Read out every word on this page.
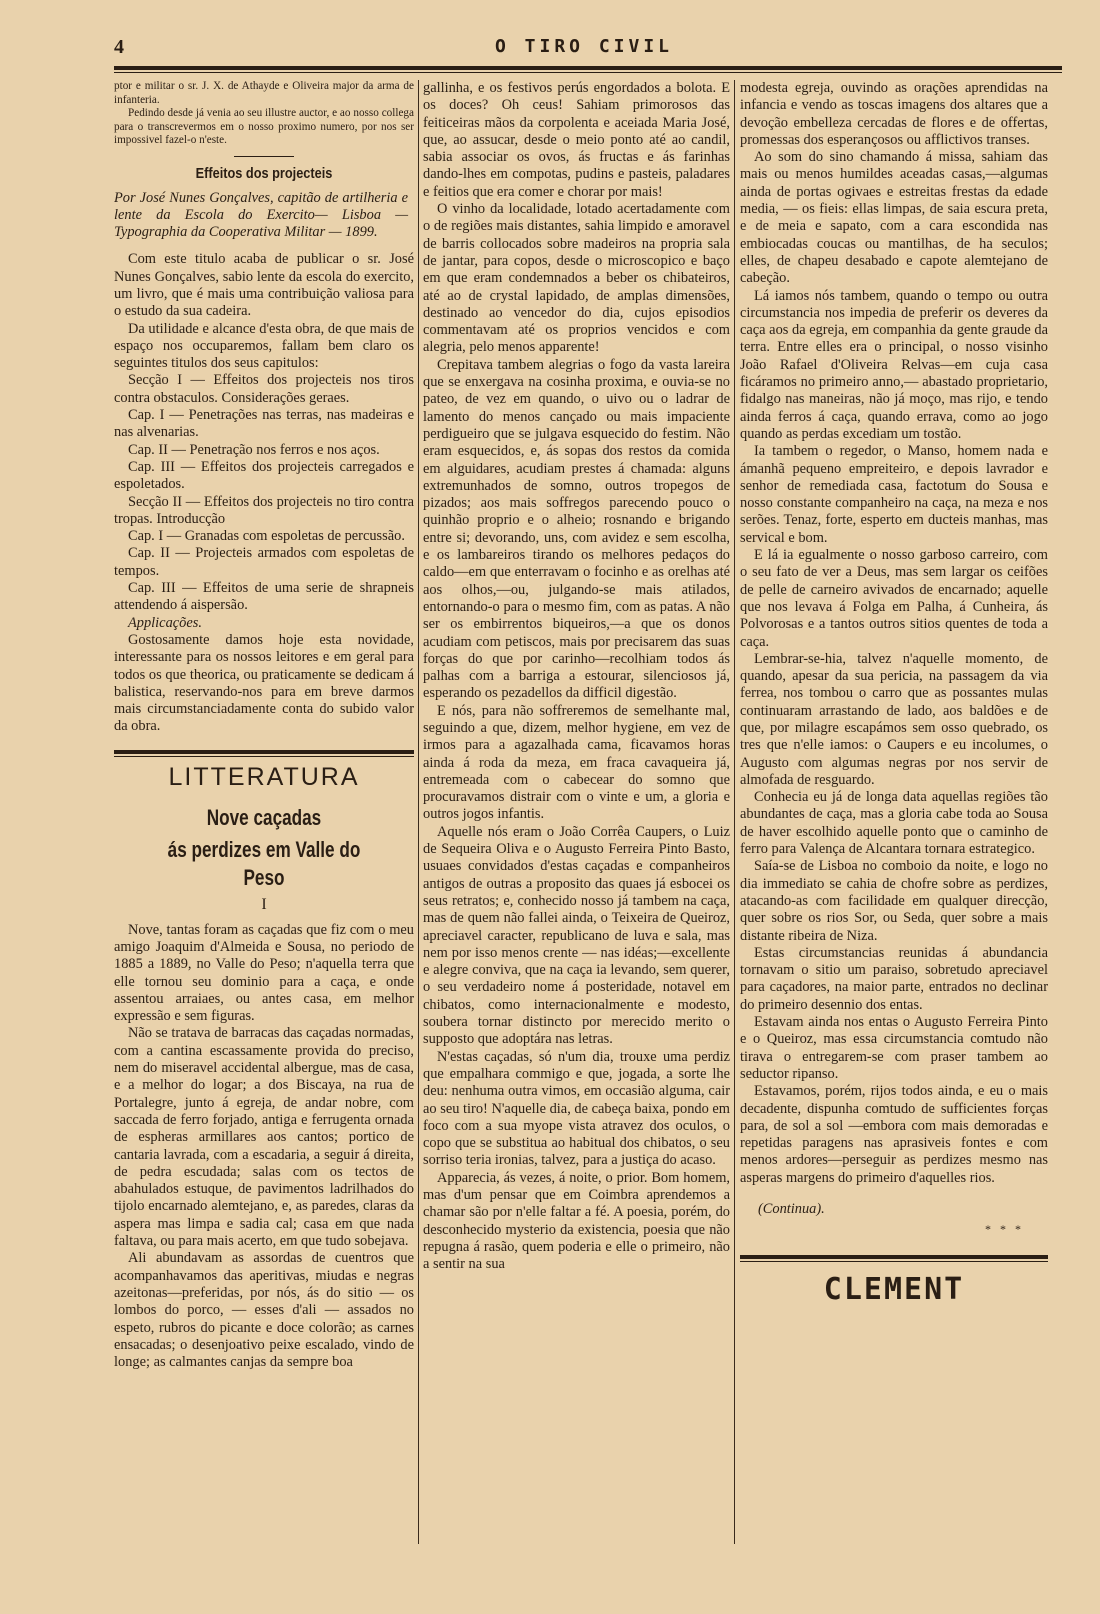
4	O TIRO CIVIL

ptor e militar o sr. J. X. de Athayde e Oliveira major da arma de infanteria.

Pedindo desde já venia ao seu illustre auctor, e ao nosso collega para o transcrevermos em o nosso proximo numero, por nos ser impossivel fazel-o n'este.

Effeitos dos projecteis
Por José Nunes Gonçalves, capitão de artilheria e lente da Escola do Exercito— Lisboa — Typographia da Cooperativa Militar — 1899.

Com este titulo acaba de publicar o sr. José Nunes Gonçalves, sabio lente da escola do exercito, um livro, que é mais uma contribuição valiosa para o estudo da sua cadeira.

Da utilidade e alcance d'esta obra, de que mais de espaço nos occuparemos, fallam bem claro os seguintes titulos dos seus capitulos:

Secção I — Effeitos dos projecteis nos tiros contra obstaculos. Considerações geraes.

Cap. I — Penetrações nas terras, nas madeiras e nas alvenarias.

Cap. II — Penetração nos ferros e nos aços.

Cap. III — Effeitos dos projecteis carregados e espoletados.

Secção II — Effeitos dos projecteis no tiro contra tropas. Introducção

Cap. I — Granadas com espoletas de percussão.

Cap. II — Projecteis armados com espoletas de tempos.

Cap. III — Effeitos de uma serie de shrapneis attendendo á aispersão.

Applicações.

Gostosamente damos hoje esta novidade, interessante para os nossos leitores e em geral para todos os que theorica, ou praticamente se dedicam á balistica, reservando-nos para em breve darmos mais circumstanciadamente conta do subido valor da obra.

LITTERATURA
Nove caçadas
ás perdizes em Valle do Peso
I

Nove, tantas foram as caçadas que fiz com o meu amigo Joaquim d'Almeida e Sousa, no periodo de 1885 a 1889, no Valle do Peso; n'aquella terra que elle tornou seu dominio para a caça, e onde assentou arraiaes, ou antes casa, em melhor expressão e sem figuras.

Não se tratava de barracas das caçadas normadas, com a cantina escassamente provida do preciso, nem do miseravel accidental albergue, mas de casa, e a melhor do logar; a dos Biscaya, na rua de Portalegre, junto á egreja, de andar nobre, com saccada de ferro forjado, antiga e ferrugenta ornada de espheras armillares aos cantos; portico de cantaria lavrada, com a escadaria, a seguir á direita, de pedra escudada; salas com os tectos de abahulados estuque, de pavimentos ladrilhados do tijolo encarnado alemtejano, e, as paredes, claras da aspera mas limpa e sadia cal; casa em que nada faltava, ou para mais acerto, em que tudo sobejava.

Ali abundavam as assordas de cuentros que acompanhavamos das aperitivas, miudas e negras azeitonas—preferidas, por nós, ás do sitio — os lombos do porco, — esses d'ali — assados no espeto, rubros do picante e doce colorão; as carnes ensacadas; o desenjoativo peixe escalado, vindo de longe; as calmantes canjas da sempre boa

gallinha, e os festivos perús engordados a bolota. E os doces? Oh ceus! Sahiam primorosos das feiticeiras mãos da corpolenta e aceiada Maria José, que, ao assucar, desde o meio ponto até ao candil, sabia associar os ovos, ás fructas e ás farinhas dando-lhes em compotas, pudins e pasteis, paladares e feitios que era comer e chorar por mais!

O vinho da localidade, lotado acertadamente com o de regiões mais distantes, sahia limpido e amoravel de barris collocados sobre madeiros na propria sala de jantar, para copos, desde o microscopico e baço em que eram condemnados a beber os chibateiros, até ao de crystal lapidado, de amplas dimensões, destinado ao vencedor do dia, cujos episodios commentavam até os proprios vencidos e com alegria, pelo menos apparente!

Crepitava tambem alegrias o fogo da vasta lareira que se enxergava na cosinha proxima, e ouvia-se no pateo, de vez em quando, o uivo ou o ladrar de lamento do menos cançado ou mais impaciente perdigueiro que se julgava esquecido do festim. Não eram esquecidos, e, ás sopas dos restos da comida em alguidares, acudiam prestes á chamada: alguns extremunhados de somno, outros tropegos de pizados; aos mais soffregos parecendo pouco o quinhão proprio e o alheio; rosnando e brigando entre si; devorando, uns, com avidez e sem escolha, e os lambareiros tirando os melhores pedaços do caldo—em que enterravam o focinho e as orelhas até aos olhos,—ou, julgando-se mais atilados, entornando-o para o mesmo fim, com as patas. A não ser os embirrentos biqueiros,—a que os donos acudiam com petiscos, mais por precisarem das suas forças do que por carinho—recolhiam todos ás palhas com a barriga a estourar, silenciosos já, esperando os pezadellos da difficil digestão.

E nós, para não soffreremos de semelhante mal, seguindo a que, dizem, melhor hygiene, em vez de irmos para a agazalhada cama, ficavamos horas ainda á roda da meza, em fraca cavaqueira já, entremeada com o cabecear do somno que procuravamos distrair com o vinte e um, a gloria e outros jogos infantis.

Aquelle nós eram o João Corrêa Caupers, o Luiz de Sequeira Oliva e o Augusto Ferreira Pinto Basto, usuaes convidados d'estas caçadas e companheiros antigos de outras a proposito das quaes já esbocei os seus retratos; e, conhecido nosso já tambem na caça, mas de quem não fallei ainda, o Teixeira de Queiroz, apreciavel caracter, republicano de luva e sala, mas nem por isso menos crente — nas idéas;—excellente e alegre conviva, que na caça ia levando, sem querer, o seu verdadeiro nome á posteridade, notavel em chibatos, como internacionalmente e modesto, soubera tornar distincto por merecido merito o supposto que adoptára nas letras.

N'estas caçadas, só n'um dia, trouxe uma perdiz que empalhara commigo e que, jogada, a sorte lhe deu: nenhuma outra vimos, em occasião alguma, cair ao seu tiro! N'aquelle dia, de cabeça baixa, pondo em foco com a sua myope vista atravez dos oculos, o copo que se substitua ao habitual dos chibatos, o seu sorriso teria ironias, talvez, para a justiça do acaso.

Apparecia, ás vezes, á noite, o prior. Bom homem, mas d'um pensar que em Coimbra aprendemos a chamar são por n'elle faltar a fé. A poesia, porém, do desconhecido mysterio da existencia, poesia que não repugna á rasão, quem poderia e elle o primeiro, não a sentir na sua

modesta egreja, ouvindo as orações aprendidas na infancia e vendo as toscas imagens dos altares que a devoção embelleza cercadas de flores e de offertas, promessas dos esperançosos ou afflictivos transes.

Ao som do sino chamando á missa, sahiam das mais ou menos humildes aceadas casas,—algumas ainda de portas ogivaes e estreitas frestas da edade media, — os fieis: ellas limpas, de saia escura preta, e de meia e sapato, com a cara escondida nas embiocadas coucas ou mantilhas, de ha seculos; elles, de chapeu desabado e capote alemtejano de cabeção.

Lá iamos nós tambem, quando o tempo ou outra circumstancia nos impedia de preferir os deveres da caça aos da egreja, em companhia da gente graude da terra. Entre elles era o principal, o nosso visinho João Rafael d'Oliveira Relvas—em cuja casa ficáramos no primeiro anno,— abastado proprietario, fidalgo nas maneiras, não já moço, mas rijo, e tendo ainda ferros á caça, quando errava, como ao jogo quando as perdas excediam um tostão.

Ia tambem o regedor, o Manso, homem nada e ámanhã pequeno empreiteiro, e depois lavrador e senhor de remediada casa, factotum do Sousa e nosso constante companheiro na caça, na meza e nos serões. Tenaz, forte, esperto em ducteis manhas, mas servical e bom.

E lá ia egualmente o nosso garboso carreiro, com o seu fato de ver a Deus, mas sem largar os ceifões de pelle de carneiro avivados de encarnado; aquelle que nos levava á Folga em Palha, á Cunheira, ás Polvorosas e a tantos outros sitios quentes de toda a caça.

Lembrar-se-hia, talvez n'aquelle momento, de quando, apesar da sua pericia, na passagem da via ferrea, nos tombou o carro que as possantes mulas continuaram arrastando de lado, aos baldões e de que, por milagre escapámos sem osso quebrado, os tres que n'elle iamos: o Caupers e eu incolumes, o Augusto com algumas negras por nos servir de almofada de resguardo.

Conhecia eu já de longa data aquellas regiões tão abundantes de caça, mas a gloria cabe toda ao Sousa de haver escolhido aquelle ponto que o caminho de ferro para Valença de Alcantara tornara estrategico.

Saía-se de Lisboa no comboio da noite, e logo no dia immediato se cahia de chofre sobre as perdizes, atacando-as com facilidade em qualquer direcção, quer sobre os rios Sor, ou Seda, quer sobre a mais distante ribeira de Niza.

Estas circumstancias reunidas á abundancia tornavam o sitio um paraiso, sobretudo apreciavel para caçadores, na maior parte, entrados no declinar do primeiro desennio dos entas.

Estavam ainda nos entas o Augusto Ferreira Pinto e o Queiroz, mas essa circumstancia comtudo não tirava o entregarem-se com praser tambem ao seductor ripanso.

Estavamos, porém, rijos todos ainda, e eu o mais decadente, dispunha comtudo de sufficientes forças para, de sol a sol —embora com mais demoradas e repetidas paragens nas aprasiveis fontes e com menos ardores—perseguir as perdizes mesmo nas asperas margens do primeiro d'aquelles rios.

(Continua).
* * *
CLEMENT
